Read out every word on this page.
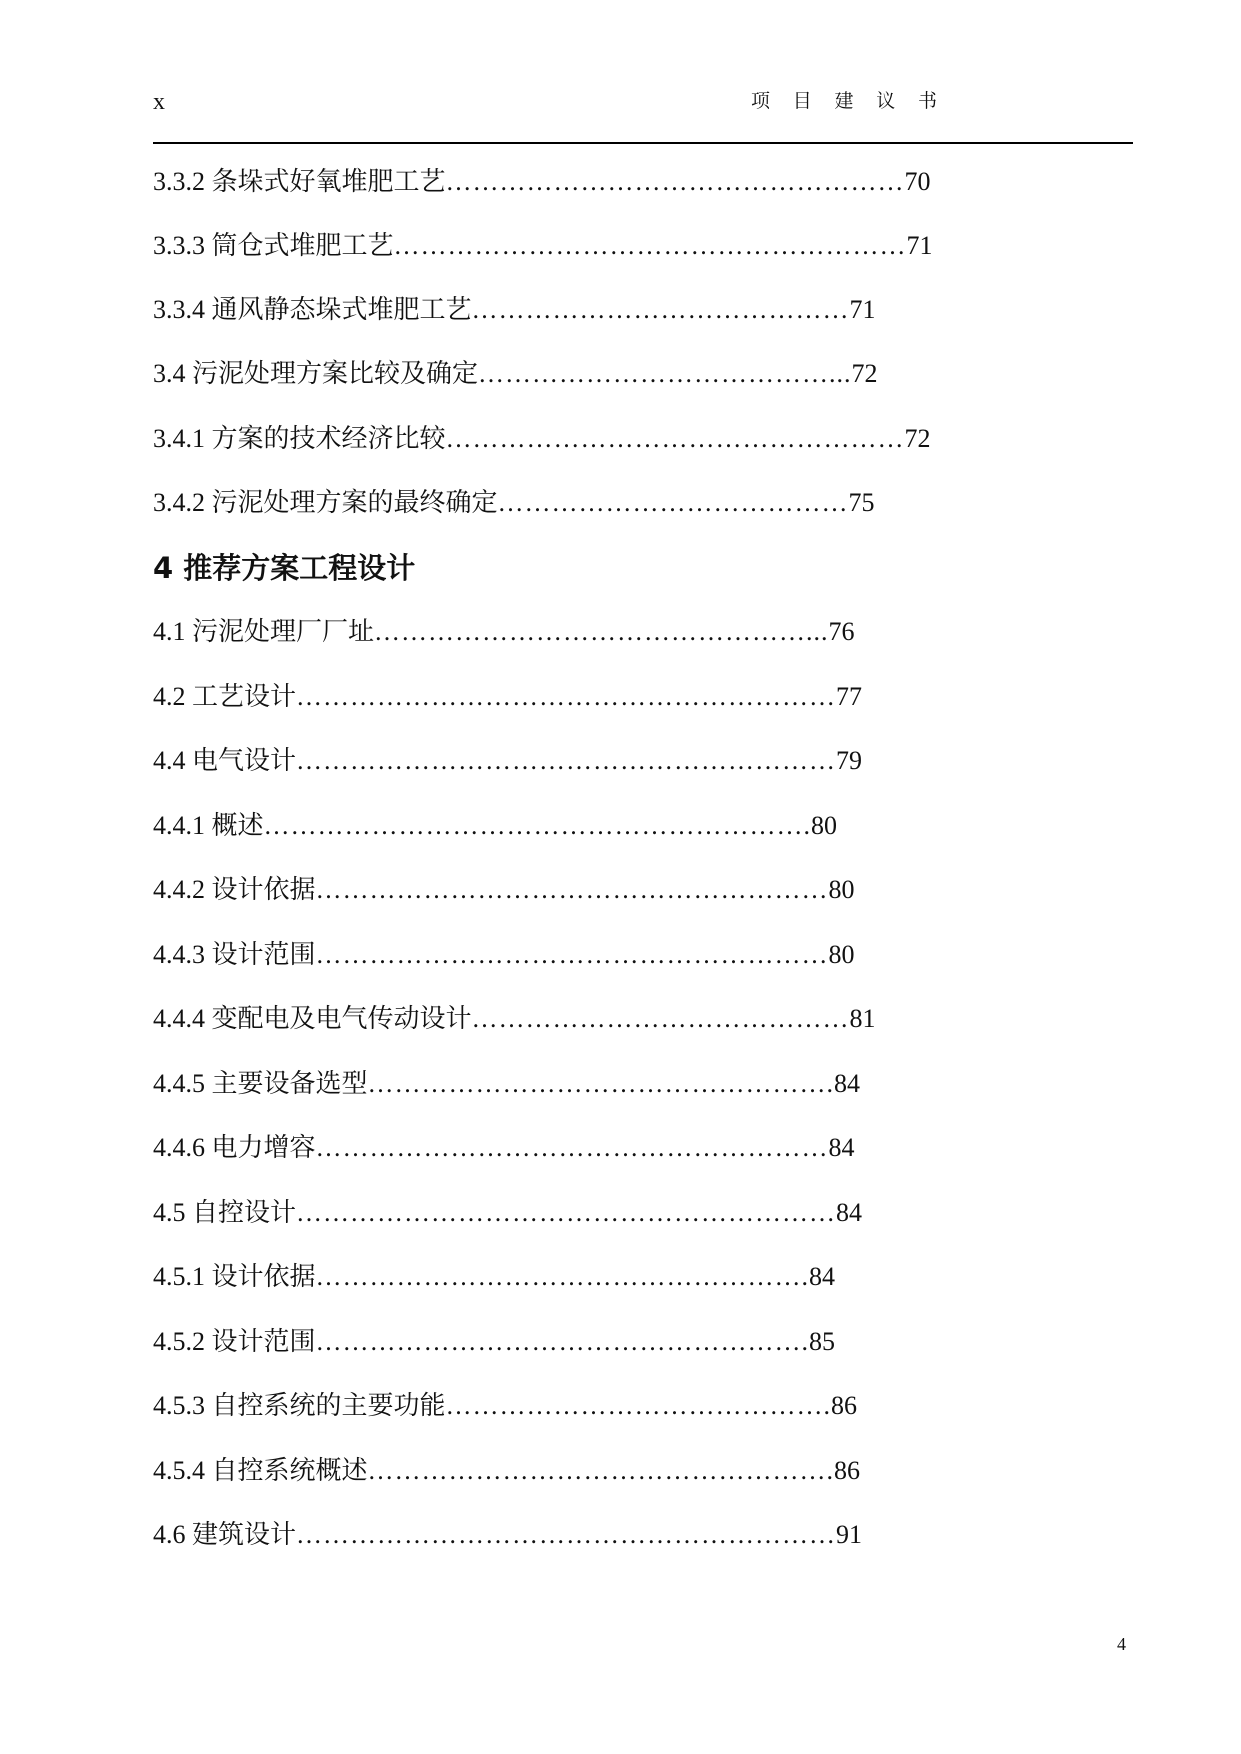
x	项 目 建 议 书
3.3.2 条垛式好氧堆肥工艺……………………………………………70
3.3.3 筒仓式堆肥工艺…………………………………………………71
3.3.4 通风静态垛式堆肥工艺……………………………………71
3.4 污泥处理方案比较及确定…………………………………...72
3.4.1 方案的技术经济比较……………………………………………72
3.4.2 污泥处理方案的最终确定…………………………………75
4 推荐方案工程设计
4.1 污泥处理厂厂址…………………………………………...76
4.2 工艺设计……………………………………………………77
4.4 电气设计……………………………………………………79
4.4.1 概述…………………………………………………….80
4.4.2 设计依据…………………………………………………80
4.4.3 设计范围…………………………………………………80
4.4.4 变配电及电气传动设计……………………………………81
4.4.5 主要设备选型…………………………………………….84
4.4.6 电力增容…………………………………………………84
4.5 自控设计……………………………………………………84
4.5.1 设计依据……………………………………………….84
4.5.2 设计范围……………………………………………….85
4.5.3 自控系统的主要功能…………………………………….86
4.5.4 自控系统概述…………………………………………….86
4.6 建筑设计……………………………………………………91
4
